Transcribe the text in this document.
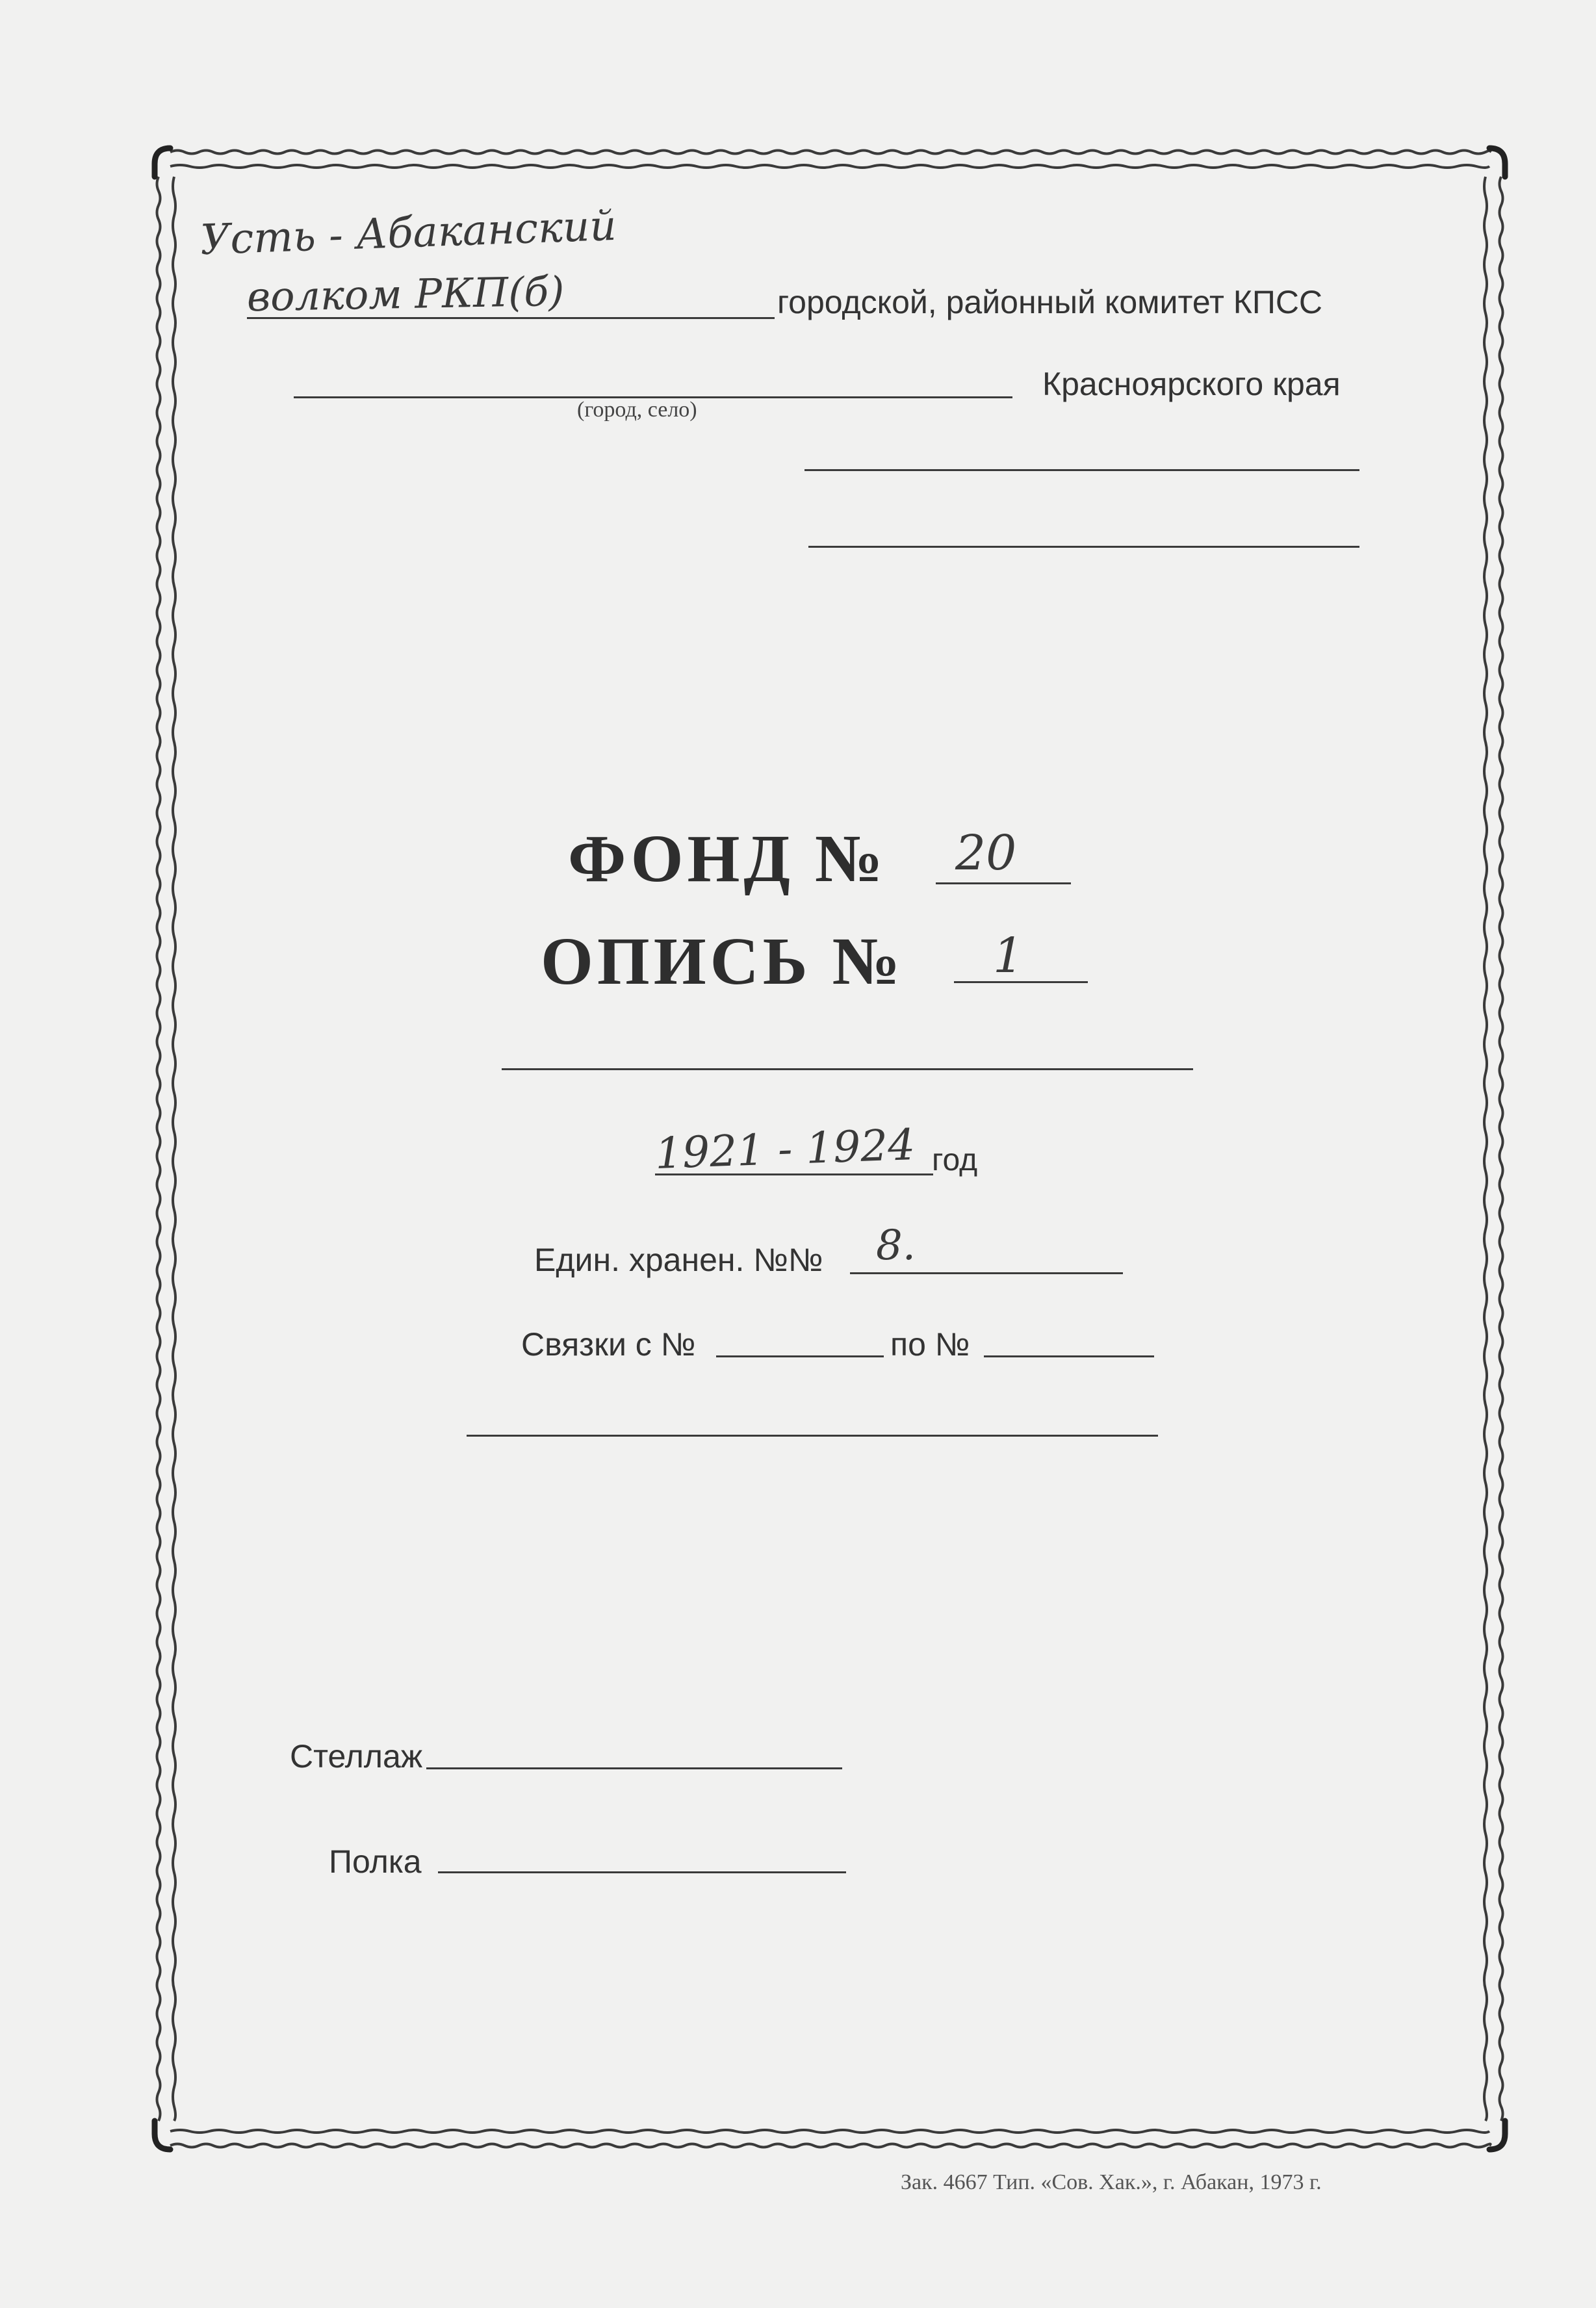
Усть - Абаканский
волком РКП(б)	городской, районный комитет КПСС
(город, село)
Красноярского края
ФОНД № 20
ОПИСЬ № 1
1921 - 1924 год
Един. хранен. №№ 8.
Связки с №	по №
Стеллаж
Полка
Зак. 4667 Тип. «Сов. Хак.», г. Абакан, 1973 г.
